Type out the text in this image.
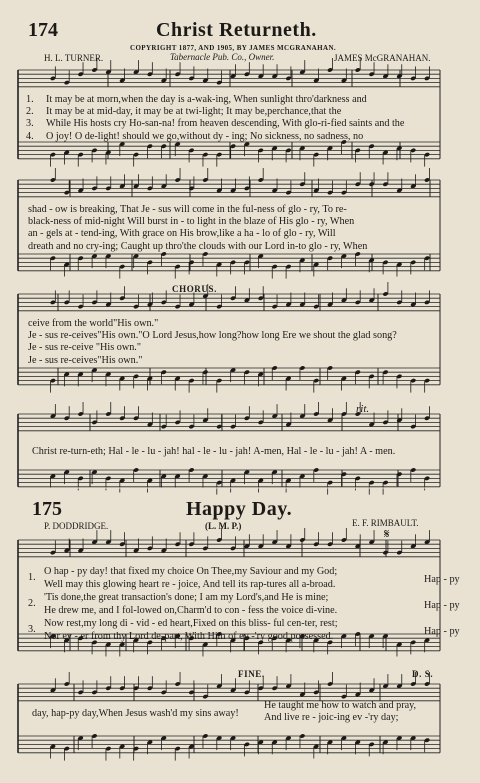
174	Christ Returneth.
COPYRIGHT 1877, AND 1905, BY JAMES MCGRANAHAN.
H. L. TURNER.	Tabernacle Pub. Co., Owner.	JAMES McGRANAHAN.
1.
2.
3.
4.
It may be at morn,when the day is a-wak-ing, When sunlight thro'darkness and
It may be at mid-day, it may be at twi-light; It may be,perchance,that the
While His hosts cry Ho-san-na! from heaven descending, With glo-ri-fied saints and the
O joy! O de-light! should we go,without dy - ing; No sickness, no sadness, no
shad - ow is breaking, That Je - sus will come in the ful-ness of glo - ry, To re-
black-ness of mid-night Will burst in - to light in the blaze of His glo - ry, When
an - gels at - tend-ing, With grace on His brow,like a ha - lo of glo - ry, Will
dreath and no cry-ing; Caught up thro'the clouds with our Lord in-to glo - ry, When
CHORUS.
ceive from the world"His own."
Je - sus re-ceives"His own."O Lord Jesus,how long?how long Ere we shout the glad song?
Je - sus re-ceive "His own."
Je - sus re-ceives"His own."
rit.
Christ re-turn-eth; Hal - le - lu - jah! hal - le - lu - jah! A-men, Hal - le - lu - jah! A - men.
175	Happy Day.
P. DODDRIDGE.	(L. M. P.)	E. F. RIMBAULT.
𝄋
1.

2.

3.
O hap - py day! that fixed my choice On Thee,my Saviour and my God;
Well may this glowing heart re - joice, And tell its rap-tures all a-broad.
'Tis done,the great transaction's done; I am my Lord's,and He is mine;
He drew me, and I fol-lowed on,Charm'd to con - fess the voice di-vine.
Now rest,my long di - vid - ed heart,Fixed on this bliss- ful cen-ter, rest;
Nor ev - er from thy Lord de-part, With Him of ev -'ry good possessed.
Hap - py

Hap - py

Hap - py
FINE.	D. S.
day, hap-py day,When Jesus wash'd my sins away!
He taught me how to watch and pray,
And live re - joic-ing ev -'ry day;
